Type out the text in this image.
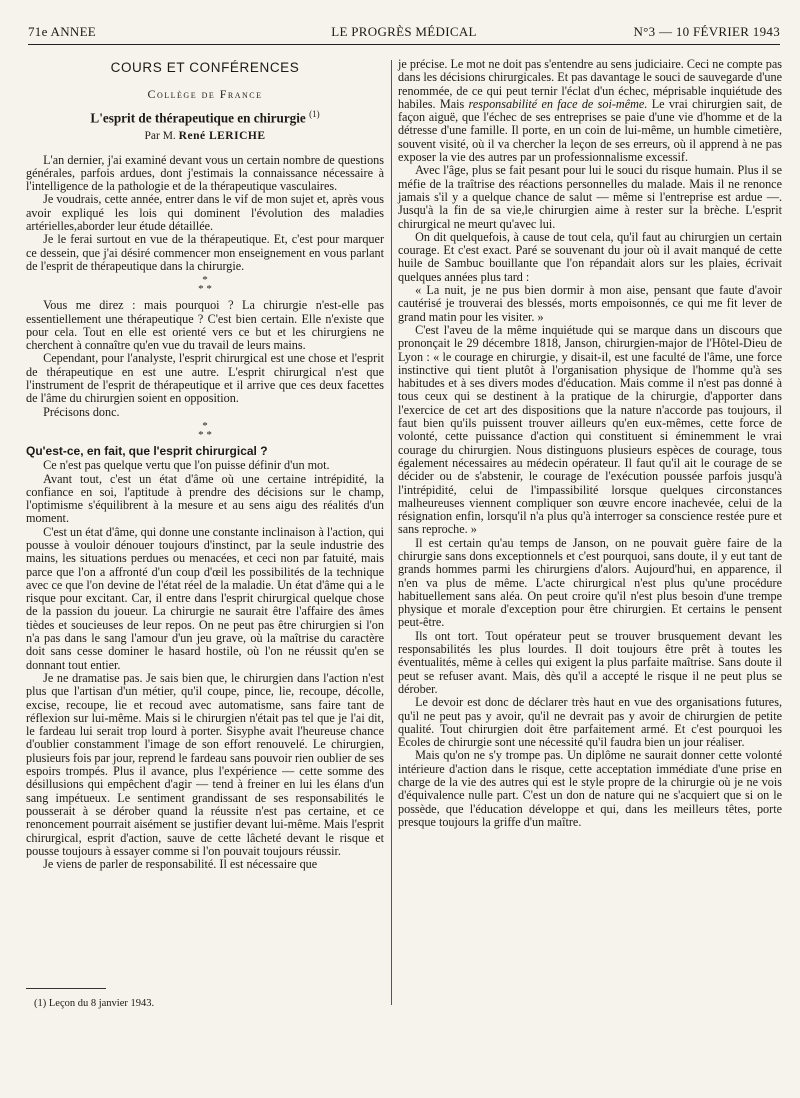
71e ANNEE	LE PROGRÈS MÉDICAL	N°3 — 10 FÉVRIER 1943
COURS ET CONFÉRENCES
Collège de France
L'esprit de thérapeutique en chirurgie $^{(1)}$
Par M. René LERICHE

L'an dernier, j'ai examiné devant vous un certain nombre de questions générales, parfois ardues, dont j'estimais la connaissance nécessaire à l'intelligence de la pathologie et de la thérapeutique vasculaires.

Je voudrais, cette année, entrer dans le vif de mon sujet et, après vous avoir expliqué les lois qui dominent l'évolution des maladies artérielles,aborder leur étude détaillée.

Je le ferai surtout en vue de la thérapeutique. Et, c'est pour marquer ce dessein, que j'ai désiré commencer mon enseignement en vous parlant de l'esprit de thérapeutique dans la chirurgie.

*
* *

Vous me direz : mais pourquoi ? La chirurgie n'est-elle pas essentiellement une thérapeutique ? C'est bien certain. Elle n'existe que pour cela. Tout en elle est orienté vers ce but et les chirurgiens ne cherchent à connaître qu'en vue du travail de leurs mains.

Cependant, pour l'analyste, l'esprit chirurgical est une chose et l'esprit de thérapeutique en est une autre. L'esprit chirurgical n'est que l'instrument de l'esprit de thérapeutique et il arrive que ces deux facettes de l'âme du chirurgien soient en opposition.

Précisons donc.

*
* *

Qu'est-ce, en fait, que l'esprit chirurgical ?

Ce n'est pas quelque vertu que l'on puisse définir d'un mot.

Avant tout, c'est un état d'âme où une certaine intrépidité, la confiance en soi, l'aptitude à prendre des décisions sur le champ, l'optimisme s'équilibrent à la mesure et au sens aigu des réalités d'un moment.

C'est un état d'âme, qui donne une constante inclinaison à l'action, qui pousse à vouloir dénouer toujours d'instinct, par la seule industrie des mains, les situations perdues ou menacées, et ceci non par fatuité, mais parce que l'on a affronté d'un coup d'œil les possibilités de la technique avec ce que l'on devine de l'état réel de la maladie. Un état d'âme qui a le risque pour excitant. Car, il entre dans l'esprit chirurgical quelque chose de la passion du joueur. La chirurgie ne saurait être l'affaire des âmes tièdes et soucieuses de leur repos. On ne peut pas être chirurgien si l'on n'a pas dans le sang l'amour d'un jeu grave, où la maîtrise du caractère doit sans cesse dominer le hasard hostile, où l'on ne réussit qu'en se donnant tout entier.

Je ne dramatise pas. Je sais bien que, le chirurgien dans l'action n'est plus que l'artisan d'un métier, qu'il coupe, pince, lie, recoupe, décolle, excise, recoupe, lie et recoud avec automatisme, sans faire tant de réflexion sur lui-même. Mais si le chirurgien n'était pas tel que je l'ai dit, le fardeau lui serait trop lourd à porter. Sisyphe avait l'heureuse chance d'oublier constamment l'image de son effort renouvelé. Le chirurgien, plusieurs fois par jour, reprend le fardeau sans pouvoir rien oublier de ses espoirs trompés. Plus il avance, plus l'expérience — cette somme des désillusions qui empêchent d'agir — tend à freiner en lui les élans d'un sang impétueux. Le sentiment grandissant de ses responsabilités le pousserait à se dérober quand la réussite n'est pas certaine, et ce renoncement pourrait aisément se justifier devant lui-même. Mais l'esprit chirurgical, esprit d'action, sauve de cette lâcheté devant le risque et pousse toujours à essayer comme si l'on pouvait toujours réussir.

Je viens de parler de responsabilité. Il est nécessaire que

je précise. Le mot ne doit pas s'entendre au sens judiciaire. Ceci ne compte pas dans les décisions chirurgicales. Et pas davantage le souci de sauvegarde d'une renommée, de ce qui peut ternir l'éclat d'un échec, méprisable inquiétude des habiles. Mais responsabilité en face de soi-même. Le vrai chirurgien sait, de façon aiguë, que l'échec de ses entreprises se paie d'une vie d'homme et de la détresse d'une famille. Il porte, en un coin de lui-même, un humble cimetière, souvent visité, où il va chercher la leçon de ses erreurs, où il apprend à ne pas exposer la vie des autres par un professionnalisme excessif.

Avec l'âge, plus se fait pesant pour lui le souci du risque humain. Plus il se méfie de la traîtrise des réactions personnelles du malade. Mais il ne renonce jamais s'il y a quelque chance de salut — même si l'entreprise est ardue —. Jusqu'à la fin de sa vie,le chirurgien aime à rester sur la brèche. L'esprit chirurgical ne meurt qu'avec lui.

On dit quelquefois, à cause de tout cela, qu'il faut au chirurgien un certain courage. Et c'est exact. Paré se souvenant du jour où il avait manqué de cette huile de Sambuc bouillante que l'on répandait alors sur les plaies, écrivait quelques années plus tard :

« La nuit, je ne pus bien dormir à mon aise, pensant que faute d'avoir cautérisé je trouverai des blessés, morts empoisonnés, ce qui me fit lever de grand matin pour les visiter. »

C'est l'aveu de la même inquiétude qui se marque dans un discours que prononçait le 29 décembre 1818, Janson, chirurgien-major de l'Hôtel-Dieu de Lyon : « le courage en chirurgie, y disait-il, est une faculté de l'âme, une force instinctive qui tient plutôt à l'organisation physique de l'homme qu'à ses habitudes et à ses divers modes d'éducation. Mais comme il n'est pas donné à tous ceux qui se destinent à la pratique de la chirurgie, d'apporter dans l'exercice de cet art des dispositions que la nature n'accorde pas toujours, il faut bien qu'ils puissent trouver ailleurs qu'en eux-mêmes, cette force de volonté, cette puissance d'action qui constituent si éminemment le vrai courage du chirurgien. Nous distinguons plusieurs espèces de courage, tous également nécessaires au médecin opérateur. Il faut qu'il ait le courage de se décider ou de s'abstenir, le courage de l'exécution poussée parfois jusqu'à l'intrépidité, celui de l'impassibilité lorsque quelques circonstances malheureuses viennent compliquer son œuvre encore inachevée, celui de la résignation enfin, lorsqu'il n'a plus qu'à interroger sa conscience restée pure et sans reproche. »

Il est certain qu'au temps de Janson, on ne pouvait guère faire de la chirurgie sans dons exceptionnels et c'est pourquoi, sans doute, il y eut tant de grands hommes parmi les chirurgiens d'alors. Aujourd'hui, en apparence, il n'en va plus de même. L'acte chirurgical n'est plus qu'une procédure habituellement sans aléa. On peut croire qu'il n'est plus besoin d'une trempe physique et morale d'exception pour être chirurgien. Et certains le pensent peut-être.

Ils ont tort. Tout opérateur peut se trouver brusquement devant les responsabilités les plus lourdes. Il doit toujours être prêt à toutes les éventualités, même à celles qui exigent la plus parfaite maîtrise. Sans doute il peut se refuser avant. Mais, dès qu'il a accepté le risque il ne peut plus se dérober.

Le devoir est donc de déclarer très haut en vue des organisations futures, qu'il ne peut pas y avoir, qu'il ne devrait pas y avoir de chirurgien de petite qualité. Tout chirurgien doit être parfaitement armé. Et c'est pourquoi les Ecoles de chirurgie sont une nécessité qu'il faudra bien un jour réaliser.

Mais qu'on ne s'y trompe pas. Un diplôme ne saurait donner cette volonté intérieure d'action dans le risque, cette acceptation immédiate d'une prise en charge de la vie des autres qui est le style propre de la chirurgie où je ne vois d'équivalence nulle part. C'est un don de nature qui ne s'acquiert que si on le possède, que l'éducation développe et qui, dans les meilleurs têtes, porte presque toujours la griffe d'un maître.

(1) Leçon du 8 janvier 1943.
